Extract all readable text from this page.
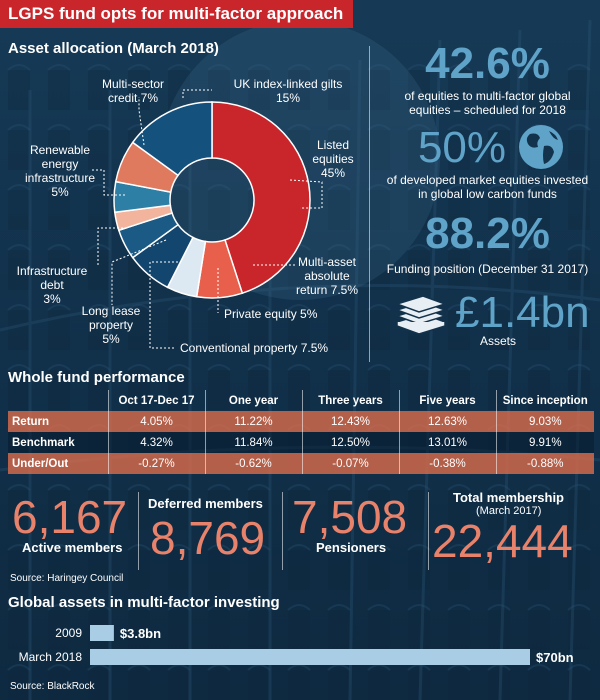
LGPS fund opts for multi-factor approach
Asset allocation (March 2018)
UK index-linked gilts
15%
Multi-sector
credit 7%
Listed
equities
45%
Renewable
energy
infrastructure
5%
Infrastructure
debt
3%
Multi-asset
absolute
return 7.5%
Long lease
property
5%
Private equity 5%
Conventional property 7.5%
42.6%
of equities to multi-factor global
equities – scheduled for 2018
50%
of developed market equities invested
in global low carbon funds
88.2%
Funding position (December 31 2017)
£1.4bn
Assets
Whole fund performance
	Oct 17-Dec 17	One year	Three years	Five years	Since inception
Return	4.05%	11.22%	12.43%	12.63%	9.03%
Benchmark	4.32%	11.84%	12.50%	13.01%	9.91%
Under/Out	-0.27%	-0.62%	-0.07%	-0.38%	-0.88%
6,167
Active members
Deferred members
8,769 7,508
Pensioners
Total membership
(March 2017)
22,444
Source: Haringey Council
Global assets in multi-factor investing
2009	$3.8bn
March 2018	$70bn
Source: BlackRock
